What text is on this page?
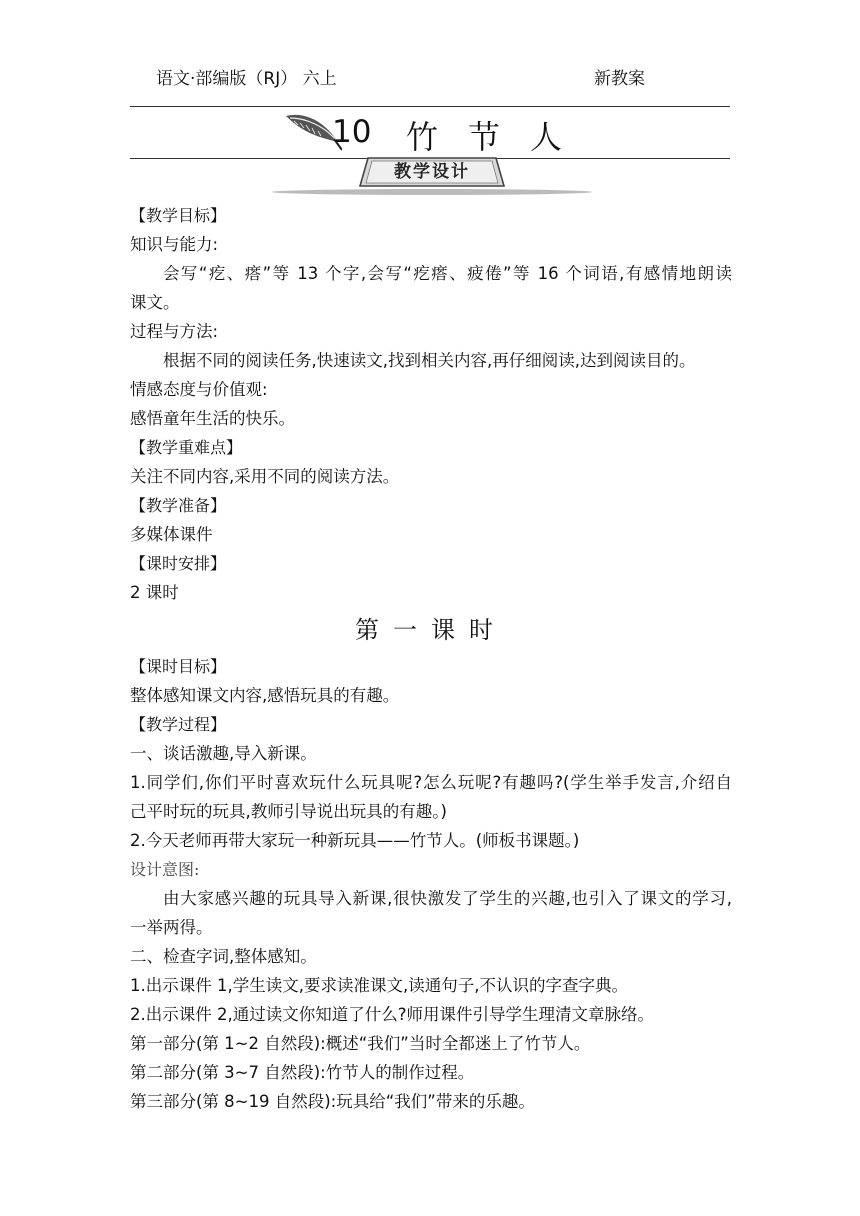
语文·部编版（RJ） 六上	新教案
10 竹节人
教学设计
【教学目标】
知识与能力:
会写“疙、瘩”等 13 个字,会写“疙瘩、疲倦”等 16 个词语,有感情地朗读
课文。
过程与方法:
根据不同的阅读任务,快速读文,找到相关内容,再仔细阅读,达到阅读目的。
情感态度与价值观:
感悟童年生活的快乐。
【教学重难点】
关注不同内容,采用不同的阅读方法。
【教学准备】
多媒体课件
【课时安排】
2 课时
第一课时
【课时目标】
整体感知课文内容,感悟玩具的有趣。
【教学过程】
一、谈话激趣,导入新课。
1.同学们,你们平时喜欢玩什么玩具呢?怎么玩呢?有趣吗?(学生举手发言,介绍自
己平时玩的玩具,教师引导说出玩具的有趣。)
2.今天老师再带大家玩一种新玩具——竹节人。(师板书课题。)
设计意图:
由大家感兴趣的玩具导入新课,很快激发了学生的兴趣,也引入了课文的学习,
一举两得。
二、检查字词,整体感知。
1.出示课件 1,学生读文,要求读准课文,读通句子,不认识的字查字典。
2.出示课件 2,通过读文你知道了什么?师用课件引导学生理清文章脉络。
第一部分(第 1~2 自然段):概述“我们”当时全都迷上了竹节人。
第二部分(第 3~7 自然段):竹节人的制作过程。
第三部分(第 8~19 自然段):玩具给“我们”带来的乐趣。
